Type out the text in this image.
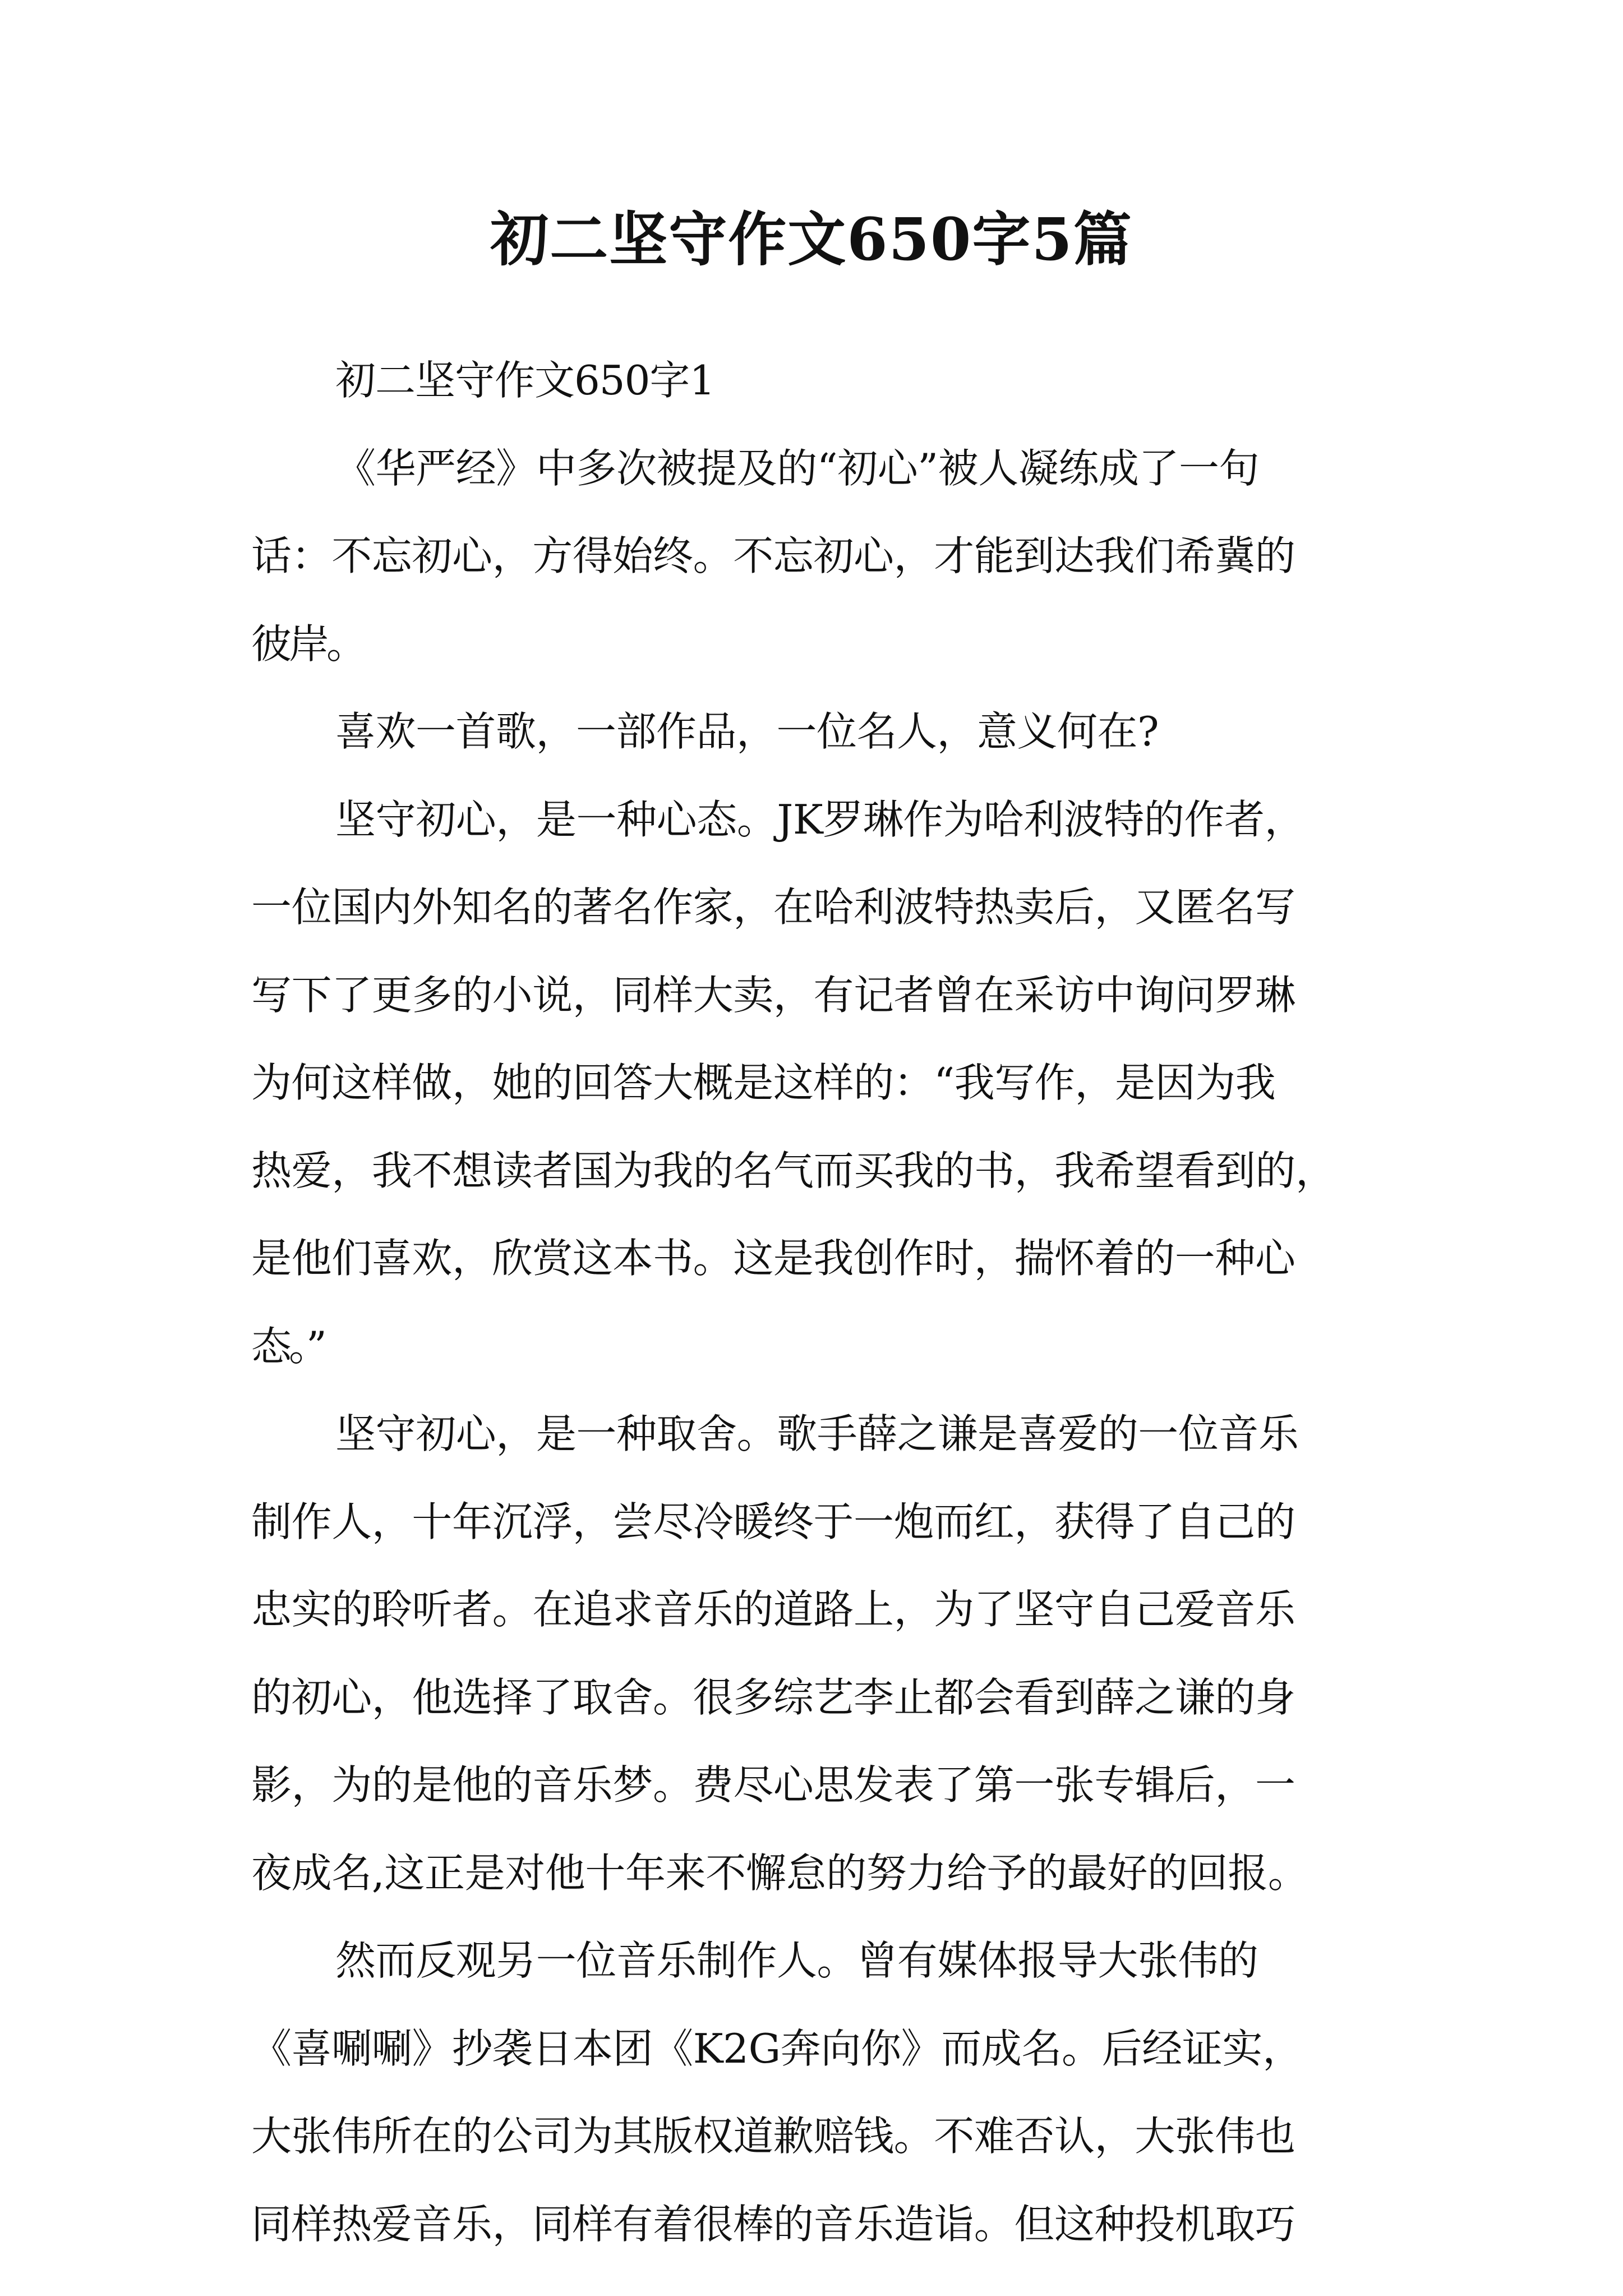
初二坚守作文650字5篇
初二坚守作文650字1
《华严经》中多次被提及的“初心”被人凝练成了一句
话：不忘初心，方得始终。不忘初心，才能到达我们希冀的
彼岸。
喜欢一首歌，一部作品，一位名人，意义何在?
坚守初心，是一种心态。JK罗琳作为哈利波特的作者，
一位国内外知名的著名作家，在哈利波特热卖后，又匿名写
写下了更多的小说，同样大卖，有记者曾在采访中询问罗琳
为何这样做，她的回答大概是这样的：“我写作，是因为我
热爱，我不想读者国为我的名气而买我的书，我希望看到的，
是他们喜欢，欣赏这本书。这是我创作时，揣怀着的一种心
态。”
坚守初心，是一种取舍。歌手薛之谦是喜爱的一位音乐
制作人，十年沉浮，尝尽冷暖终于一炮而红，获得了自己的
忠实的聆听者。在追求音乐的道路上，为了坚守自己爱音乐
的初心，他选择了取舍。很多综艺李止都会看到薛之谦的身
影，为的是他的音乐梦。费尽心思发表了第一张专辑后，一
夜成名,这正是对他十年来不懈怠的努力给予的最好的回报。
然而反观另一位音乐制作人。曾有媒体报导大张伟的
《喜唰唰》抄袭日本团《K2G奔向你》而成名。后经证实，
大张伟所在的公司为其版权道歉赔钱。不难否认，大张伟也
同样热爱音乐，同样有着很棒的音乐造诣。但这种投机取巧
